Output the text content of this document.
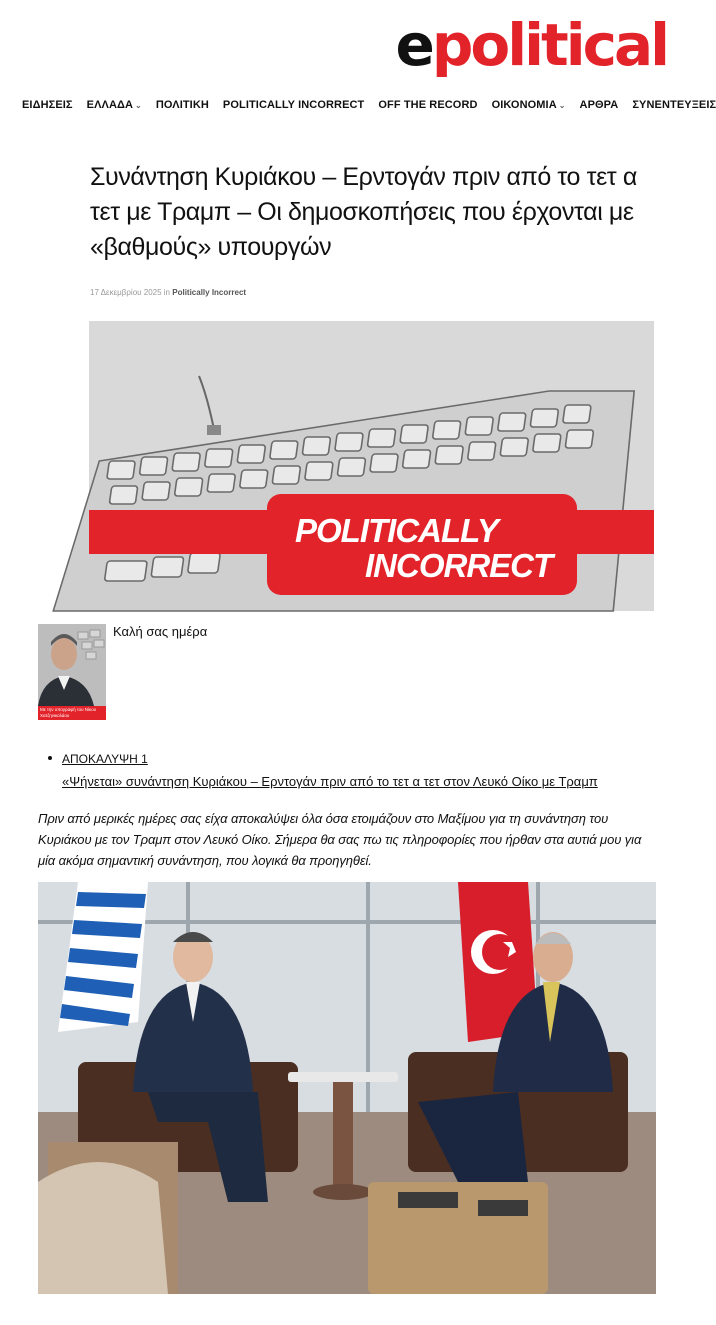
e political
ΕΙΔΗΣΕΙΣ ΕΛΛΑΔΑ ⌄ ΠΟΛΙΤΙΚΗ POLITICALLY INCORRECT OFF THE RECORD ΟΙΚΟΝΟΜΙΑ ⌄ ΑΡΘΡΑ ΣΥΝΕΝΤΕΥΞΕΙΣ
Συνάντηση Κυριάκου – Ερντογάν πριν από το τετ α τετ με Τραμπ – Οι δημοσκοπήσεις που έρχονται με «βαθμούς» υπουργών
17 Δεκεμβρίου 2025 in Politically Incorrect
POLITICALLY
INCORRECT
Με την υπογραφή του Νίκου Χατζηνικολάου
Καλή σας ημέρα
ΑΠΟΚΑΛΥΨΗ 1
«Ψήνεται» συνάντηση Κυριάκου – Ερντογάν πριν από το τετ α τετ στον Λευκό Οίκο με Τραμπ

Πριν από μερικές ημέρες σας είχα αποκαλύψει όλα όσα ετοιμάζουν στο Μαξίμου για τη συνάντηση του Κυριάκου με τον Τραμπ στον Λευκό Οίκο. Σήμερα θα σας πω τις πληροφορίες που ήρθαν στα αυτιά μου για μία ακόμα σημαντική συνάντηση, που λογικά θα προηγηθεί.
